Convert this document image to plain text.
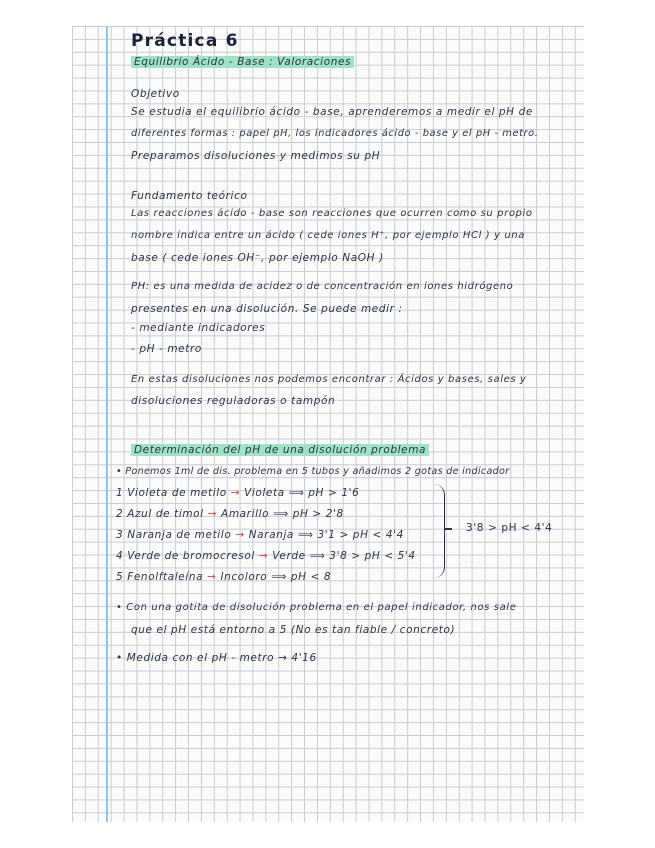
Práctica 6
Equilibrio Ácido - Base : Valoraciones
Objetivo
Se estudia el equilibrio ácido - base, aprenderemos a medir el pH de
diferentes formas : papel pH, los indicadores ácido - base y el pH - metro.
Preparamos disoluciones y medimos su pH
Fundamento teórico
Las reacciones ácido - base son reacciones que ocurren como su propio
nombre indica entre un ácido ( cede iones H⁺, por ejemplo HCl ) y una
base ( cede iones OH⁻, por ejemplo NaOH )
PH: es una medida de acidez o de concentración en iones hidrógeno
presentes en una disolución. Se puede medir :
- mediante indicadores
- pH - metro
En estas disoluciones nos podemos encontrar : Ácidos y bases, sales y
disoluciones reguladoras o tampón
Determinación del pH de una disolución problema
• Ponemos 1ml de dis. problema en 5 tubos y añadimos 2 gotas de indicador
1 Violeta de metilo → Violeta ⟹ pH > 1'6
2 Azul de timol → Amarillo ⟹ pH > 2'8
3 Naranja de metilo → Naranja ⟹ 3'1 > pH < 4'4
4 Verde de bromocresol → Verde ⟹ 3'8 > pH < 5'4
5 Fenolftaleína → Incoloro ⟹ pH < 8
3'8 > pH < 4'4
• Con una gotita de disolución problema en el papel indicador, nos sale
que el pH está entorno a 5 (No es tan fiable / concreto)
• Medida con el pH - metro → 4'16
